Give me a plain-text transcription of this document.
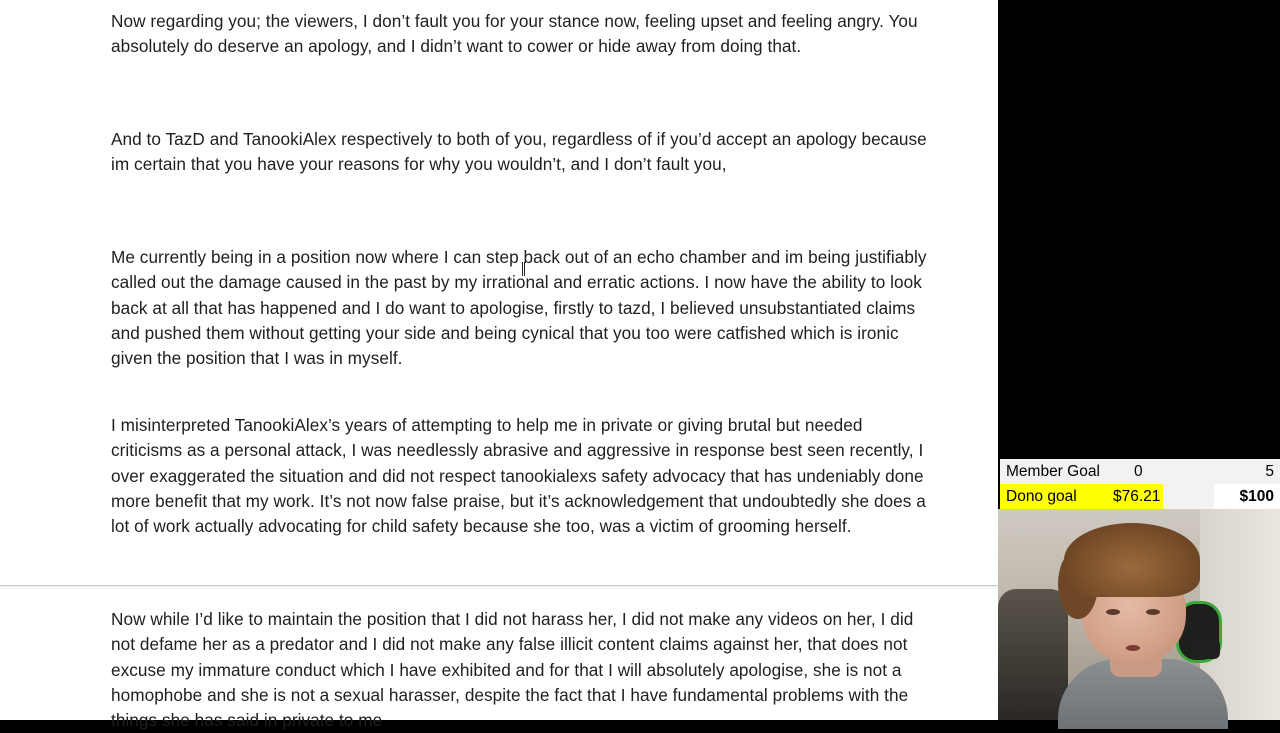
Now regarding you; the viewers, I don’t fault you for your stance now, feeling upset and feeling angry. You absolutely do deserve an apology, and I didn’t want to cower or hide away from doing that.

And to TazD and TanookiAlex respectively to both of you, regardless of if you’d accept an apology because im certain that you have your reasons for why you wouldn’t, and I don’t fault you,

Me currently being in a position now where I can step back out of an echo chamber and im being justifiably called out the damage caused in the past by my irrational and erratic actions. I now have the ability to look back at all that has happened and I do want to apologise, firstly to tazd, I believed unsubstantiated claims and pushed them without getting your side and being cynical that you too were catfished which is ironic given the position that I was in myself.

I misinterpreted TanookiAlex’s years of attempting to help me in private or giving brutal but needed criticisms as a personal attack, I was needlessly abrasive and aggressive in response best seen recently, I over exaggerated the situation and did not respect tanookialexs safety advocacy that has undeniably done more benefit that my work. It’s not now false praise, but it’s acknowledgement that undoubtedly she does a lot of work actually advocating for child safety because she too, was a victim of grooming herself.

Now while I’d like to maintain the position that I did not harass her, I did not make any videos on her, I did not defame her as a predator and I did not make any false illicit content claims against her, that does not excuse my immature conduct which I have exhibited and for that I will absolutely apologise, she is not a homophobe and she is not a sexual harasser, despite the fact that I have fundamental problems with the things she has said in private to me

Member Goal 0	5
Dono goal $76.21	$100
